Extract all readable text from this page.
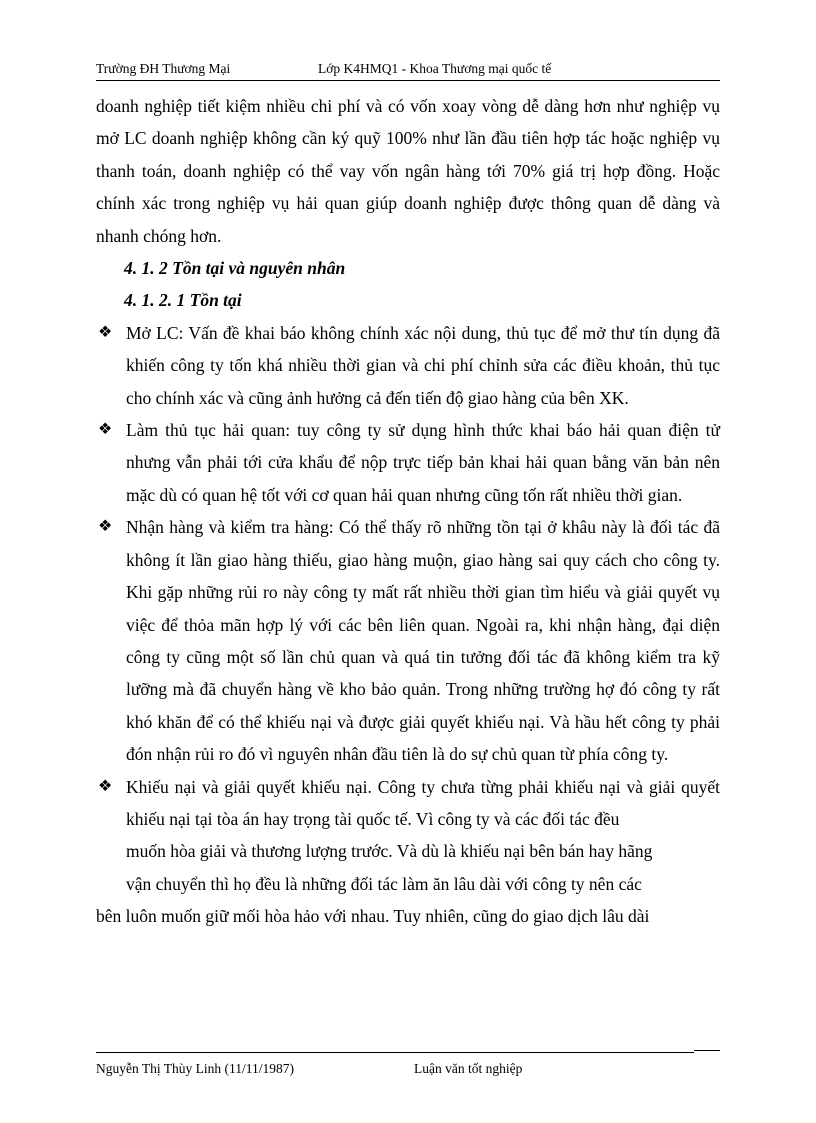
Trường ĐH Thương Mại	Lớp K4HMQ1 - Khoa Thương mại quốc tế

doanh nghiệp tiết kiệm nhiều chi phí và có vốn xoay vòng dễ dàng hơn như nghiệp vụ mở LC doanh nghiệp không cần ký quỹ 100% như lần đầu tiên hợp tác hoặc nghiệp vụ thanh toán, doanh nghiệp có thể vay vốn ngân hàng tới 70% giá trị hợp đồng. Hoặc chính xác trong nghiệp vụ hải quan giúp doanh nghiệp được thông quan dễ dàng và nhanh chóng hơn.

4. 1. 2 Tồn tại và nguyên nhân

4. 1. 2. 1 Tồn tại

❖ Mở LC: Vấn đề khai báo không chính xác nội dung, thủ tục để mở thư tín dụng đã khiến công ty tốn khá nhiều thời gian và chi phí chỉnh sửa các điều khoản, thủ tục cho chính xác và cũng ảnh hưởng cả đến tiến độ giao hàng của bên XK.

❖ Làm thủ tục hải quan: tuy công ty sử dụng hình thức khai báo hải quan điện tử nhưng vẫn phải tới cửa khẩu để nộp trực tiếp bản khai hải quan bằng văn bản nên mặc dù có quan hệ tốt với cơ quan hải quan nhưng cũng tốn rất nhiều thời gian.

❖ Nhận hàng và kiểm tra hàng: Có thể thấy rõ những tồn tại ở khâu này là đối tác đã không ít lần giao hàng thiếu, giao hàng muộn, giao hàng sai quy cách cho công ty. Khi gặp những rủi ro này công ty mất rất nhiều thời gian tìm hiểu và giải quyết vụ việc để thỏa mãn hợp lý với các bên liên quan. Ngoài ra, khi nhận hàng, đại diện công ty cũng một số lần chủ quan và quá tin tưởng đối tác đã không kiểm tra kỹ lưỡng mà đã chuyển hàng về kho bảo quản. Trong những trường hợ đó công ty rất khó khăn để có thể khiếu nại và được giải quyết khiếu nại. Và hầu hết công ty phải đón nhận rủi ro đó vì nguyên nhân đầu tiên là do sự chủ quan từ phía công ty.

❖ Khiếu nại và giải quyết khiếu nại. Công ty chưa từng phải khiếu nại và giải quyết khiếu nại tại tòa án hay trọng tài quốc tế. Vì công ty và các đối tác đều

muốn hòa giải và thương lượng trước. Và dù là khiếu nại bên bán hay hãng

vận chuyển thì họ đều là những đối tác làm ăn lâu dài với công ty nên các

bên luôn muốn giữ mối hòa hảo với nhau. Tuy nhiên, cũng do giao dịch lâu dài

Nguyễn Thị Thùy Linh (11/11/1987)	Luận văn tốt nghiệp
